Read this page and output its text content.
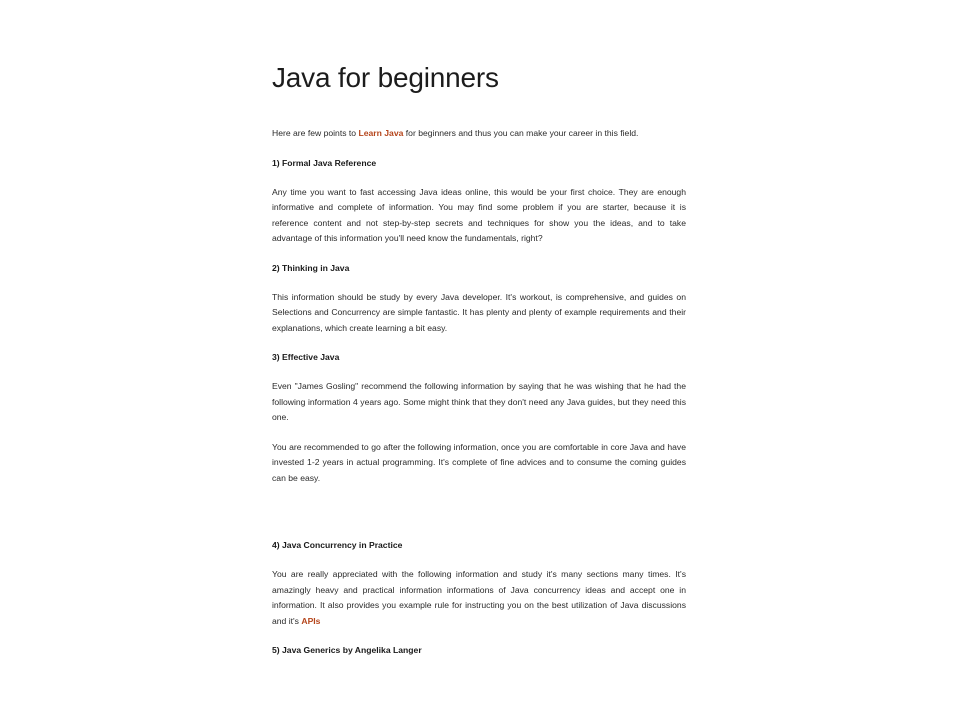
Java for beginners

Here are few points to Learn Java for beginners and thus you can make your career in this field.

1) Formal Java Reference

Any time you want to fast accessing Java ideas online, this would be your first choice. They are enough informative and complete of information. You may find some problem if you are starter, because it is reference content and not step-by-step secrets and techniques for show you the ideas, and to take advantage of this information you'll need know the fundamentals, right?

2) Thinking in Java

This information should be study by every Java developer. It's workout, is comprehensive, and guides on Selections and Concurrency are simple fantastic. It has plenty and plenty of example requirements and their explanations, which create learning a bit easy.

3) Effective Java

Even "James Gosling" recommend the following information by saying that he was wishing that he had the following information 4 years ago. Some might think that they don't need any Java guides, but they need this one.

You are recommended to go after the following information, once you are comfortable in core Java and have invested 1-2 years in actual programming. It's complete of fine advices and to consume the coming guides can be easy.

4) Java Concurrency in Practice

You are really appreciated with the following information and study it's many sections many times. It's amazingly heavy and practical information informations of Java concurrency ideas and accept one in information. It also provides you example rule for instructing you on the best utilization of Java discussions and it's APIs

5) Java Generics by Angelika Langer
